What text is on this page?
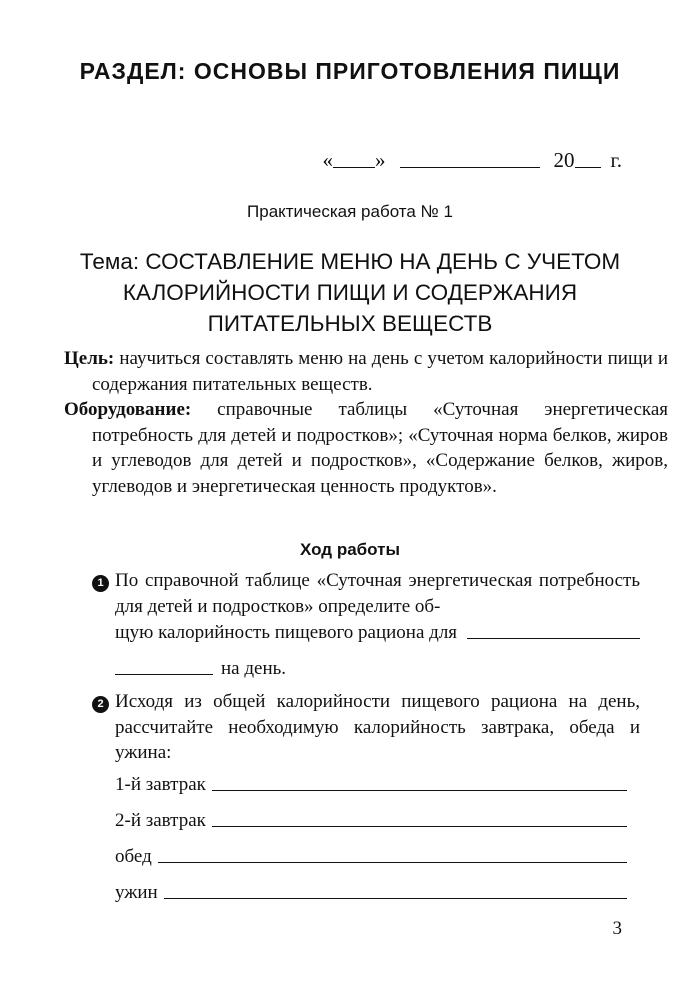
РАЗДЕЛ: ОСНОВЫ ПРИГОТОВЛЕНИЯ ПИЩИ
« »	20 г.
Практическая работа № 1
Тема: СОСТАВЛЕНИЕ МЕНЮ НА ДЕНЬ С УЧЕТОМ
КАЛОРИЙНОСТИ ПИЩИ И СОДЕРЖАНИЯ
ПИТАТЕЛЬНЫХ ВЕЩЕСТВ
Цель: научиться составлять меню на день с учетом калорийности пищи и содержания питательных веществ.
Оборудование: справочные таблицы «Суточная энергетическая потребность для детей и подростков»; «Суточная норма белков, жиров и углеводов для детей и подростков», «Содержание белков, жиров, углеводов и энергетическая ценность продуктов».
Ход работы
1 По справочной таблице «Суточная энергетическая потребность для детей и подростков» определите об-
щую калорийность пищевого рациона для
на день.
2 Исходя из общей калорийности пищевого рациона на день, рассчитайте необходимую калорийность завтрака, обеда и ужина:
1-й завтрак
2-й завтрак
обед
ужин
3
